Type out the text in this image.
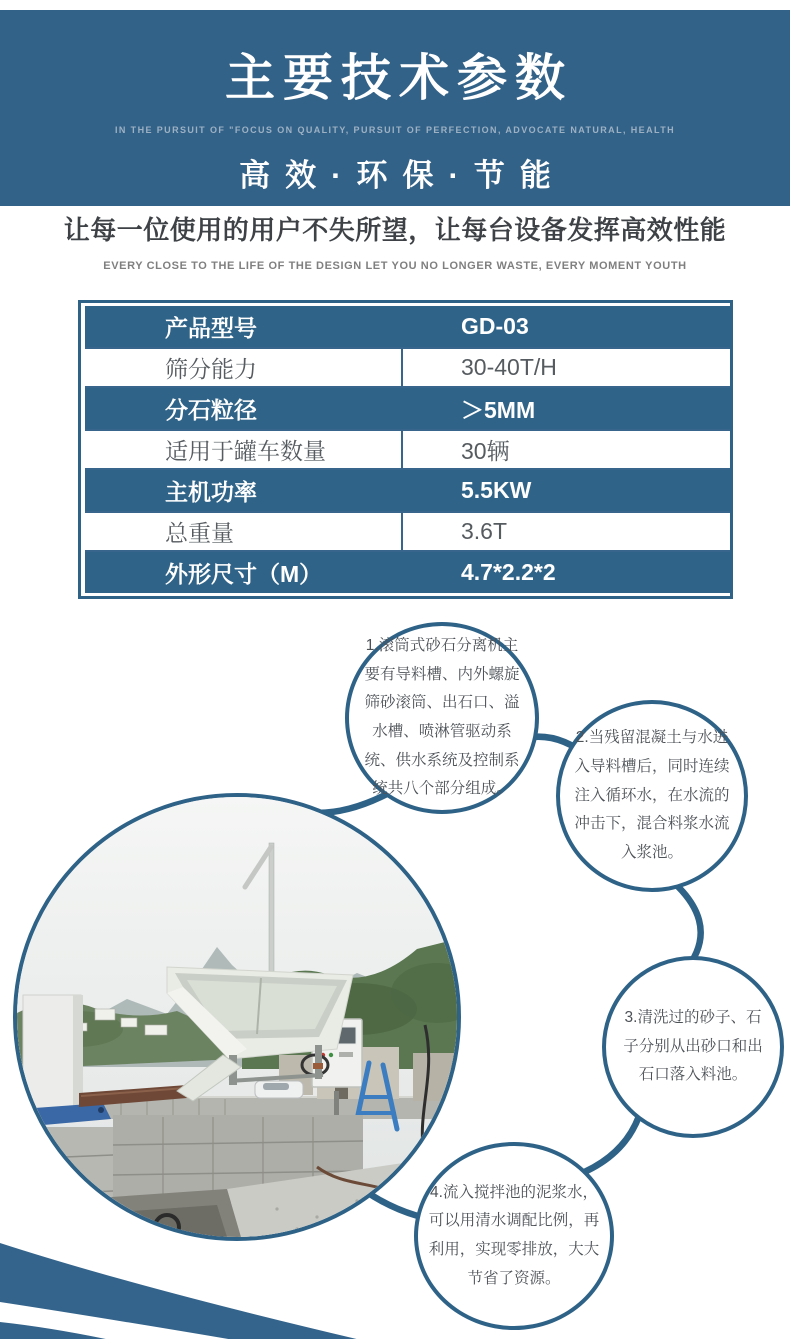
主要技术参数
IN THE PURSUIT OF "FOCUS ON QUALITY, PURSUIT OF PERFECTION, ADVOCATE NATURAL, HEALTH
高效·环保·节能
让每一位使用的用户不失所望，让每台设备发挥高效性能
EVERY CLOSE TO THE LIFE OF THE DESIGN LET YOU NO LONGER WASTE, EVERY MOMENT YOUTH
产品型号	GD-03
筛分能力	30-40T/H
分石粒径	＞5MM
适用于罐车数量	30辆
主机功率	5.5KW
总重量	3.6T
外形尺寸（M）	4.7*2.2*2
1.滚筒式砂石分离机主要有导料槽、内外螺旋筛砂滚筒、出石口、溢水槽、喷淋管驱动系统、供水系统及控制系统共八个部分组成。
2.当残留混凝土与水进入导料槽后，同时连续注入循环水，在水流的冲击下，混合料浆水流入浆池。
3.清洗过的砂子、石子分别从出砂口和出石口落入料池。
4.流入搅拌池的泥浆水，可以用清水调配比例，再利用，实现零排放，大大节省了资源。
